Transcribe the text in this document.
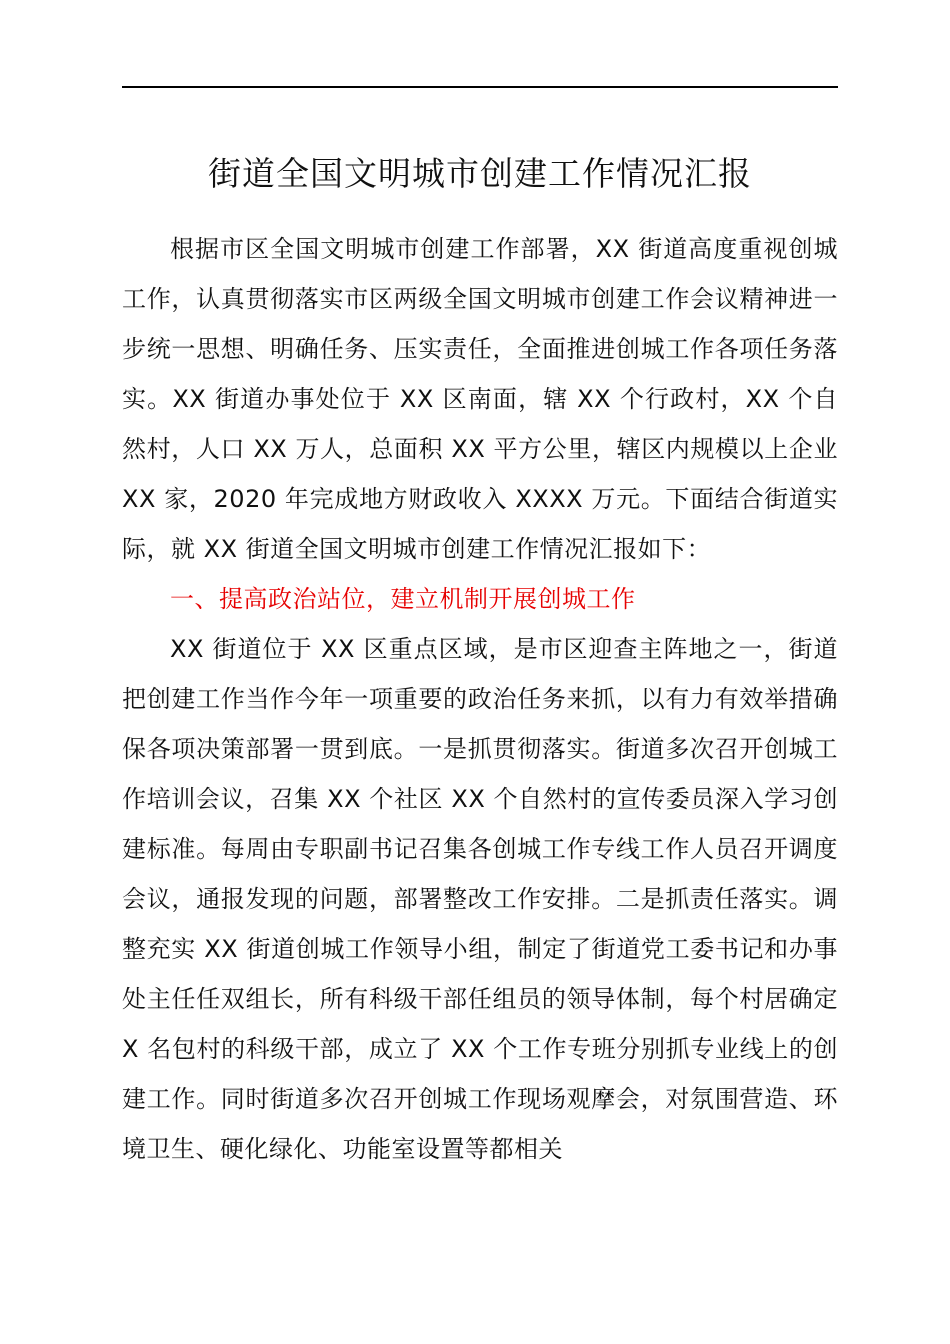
街道全国文明城市创建工作情况汇报

根据市区全国文明城市创建工作部署，XX 街道高度重视创城工作，认真贯彻落实市区两级全国文明城市创建工作会议精神进一步统一思想、明确任务、压实责任，全面推进创城工作各项任务落实。XX 街道办事处位于 XX 区南面，辖 XX 个行政村，XX 个自然村，人口 XX 万人，总面积 XX 平方公里，辖区内规模以上企业 XX 家，2020 年完成地方财政收入 XXXX 万元。下面结合街道实际，就 XX 街道全国文明城市创建工作情况汇报如下：

一、提高政治站位，建立机制开展创城工作

XX 街道位于 XX 区重点区域，是市区迎查主阵地之一，街道把创建工作当作今年一项重要的政治任务来抓，以有力有效举措确保各项决策部署一贯到底。一是抓贯彻落实。街道多次召开创城工作培训会议，召集 XX 个社区 XX 个自然村的宣传委员深入学习创建标准。每周由专职副书记召集各创城工作专线工作人员召开调度会议，通报发现的问题，部署整改工作安排。二是抓责任落实。调整充实 XX 街道创城工作领导小组，制定了街道党工委书记和办事处主任任双组长，所有科级干部任组员的领导体制，每个村居确定 X 名包村的科级干部，成立了 XX 个工作专班分别抓专业线上的创建工作。同时街道多次召开创城工作现场观摩会，对氛围营造、环境卫生、硬化绿化、功能室设置等都相关
